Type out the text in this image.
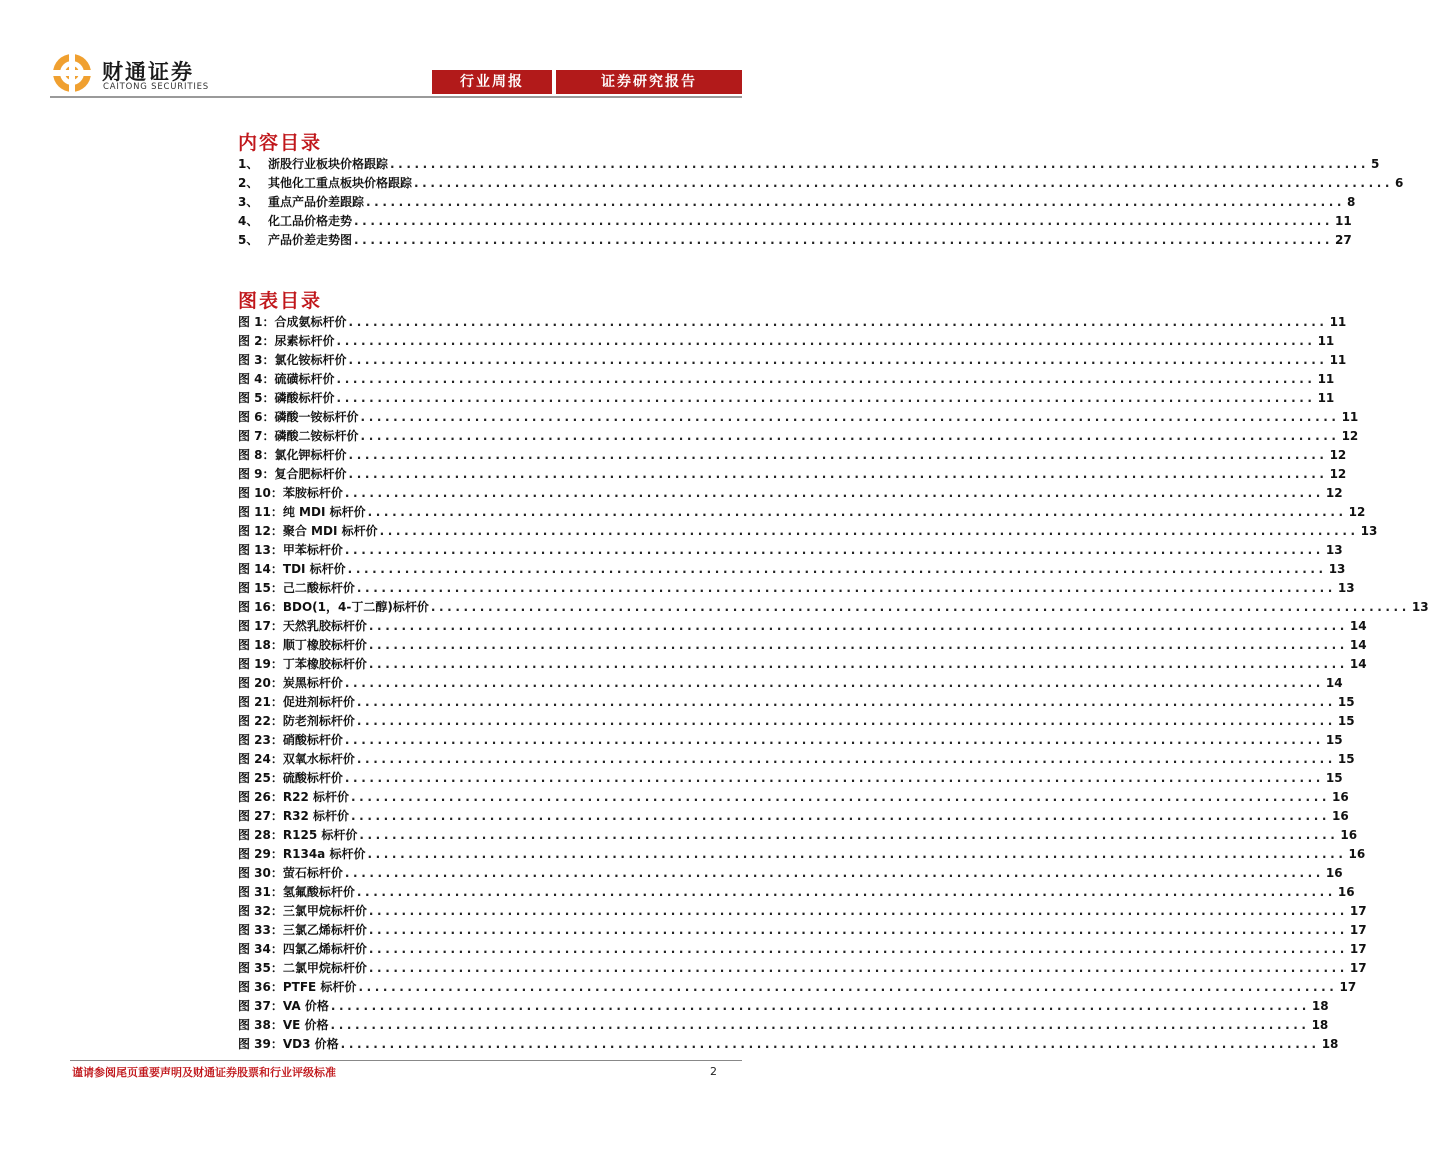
财通证券
CAITONG SECURITIES	行业周报	证券研究报告
内容目录
1、 浙股行业板块价格跟踪 ........................................................................................................................ 5
2、 其他化工重点板块价格跟踪 ........................................................................................................................ 6
3、 重点产品价差跟踪 ........................................................................................................................ 8
4、 化工品价格走势 ........................................................................................................................ 11
5、 产品价差走势图 ........................................................................................................................ 27
图表目录
图 1：合成氨标杆价 ........................................................................................................................ 11
图 2：尿素标杆价 ........................................................................................................................ 11
图 3：氯化铵标杆价 ........................................................................................................................ 11
图 4：硫磺标杆价 ........................................................................................................................ 11
图 5：磷酸标杆价 ........................................................................................................................ 11
图 6：磷酸一铵标杆价 ........................................................................................................................ 11
图 7：磷酸二铵标杆价 ........................................................................................................................ 12
图 8：氯化钾标杆价 ........................................................................................................................ 12
图 9：复合肥标杆价 ........................................................................................................................ 12
图 10：苯胺标杆价 ........................................................................................................................ 12
图 11：纯 MDI 标杆价 ........................................................................................................................ 12
图 12：聚合 MDI 标杆价 ........................................................................................................................ 13
图 13：甲苯标杆价 ........................................................................................................................ 13
图 14：TDI 标杆价 ........................................................................................................................ 13
图 15：己二酸标杆价 ........................................................................................................................ 13
图 16：BDO(1，4-丁二醇)标杆价 ........................................................................................................................ 13
图 17：天然乳胶标杆价 ........................................................................................................................ 14
图 18：顺丁橡胶标杆价 ........................................................................................................................ 14
图 19：丁苯橡胶标杆价 ........................................................................................................................ 14
图 20：炭黑标杆价 ........................................................................................................................ 14
图 21：促进剂标杆价 ........................................................................................................................ 15
图 22：防老剂标杆价 ........................................................................................................................ 15
图 23：硝酸标杆价 ........................................................................................................................ 15
图 24：双氧水标杆价 ........................................................................................................................ 15
图 25：硫酸标杆价 ........................................................................................................................ 15
图 26：R22 标杆价 ........................................................................................................................ 16
图 27：R32 标杆价 ........................................................................................................................ 16
图 28：R125 标杆价 ........................................................................................................................ 16
图 29：R134a 标杆价 ........................................................................................................................ 16
图 30：萤石标杆价 ........................................................................................................................ 16
图 31：氢氟酸标杆价 ........................................................................................................................ 16
图 32：三氯甲烷标杆价 ........................................................................................................................ 17
图 33：三氯乙烯标杆价 ........................................................................................................................ 17
图 34：四氯乙烯标杆价 ........................................................................................................................ 17
图 35：二氯甲烷标杆价 ........................................................................................................................ 17
图 36：PTFE 标杆价 ........................................................................................................................ 17
图 37：VA 价格 ........................................................................................................................ 18
图 38：VE 价格 ........................................................................................................................ 18
图 39：VD3 价格 ........................................................................................................................ 18
谨请参阅尾页重要声明及财通证券股票和行业评级标准	2
